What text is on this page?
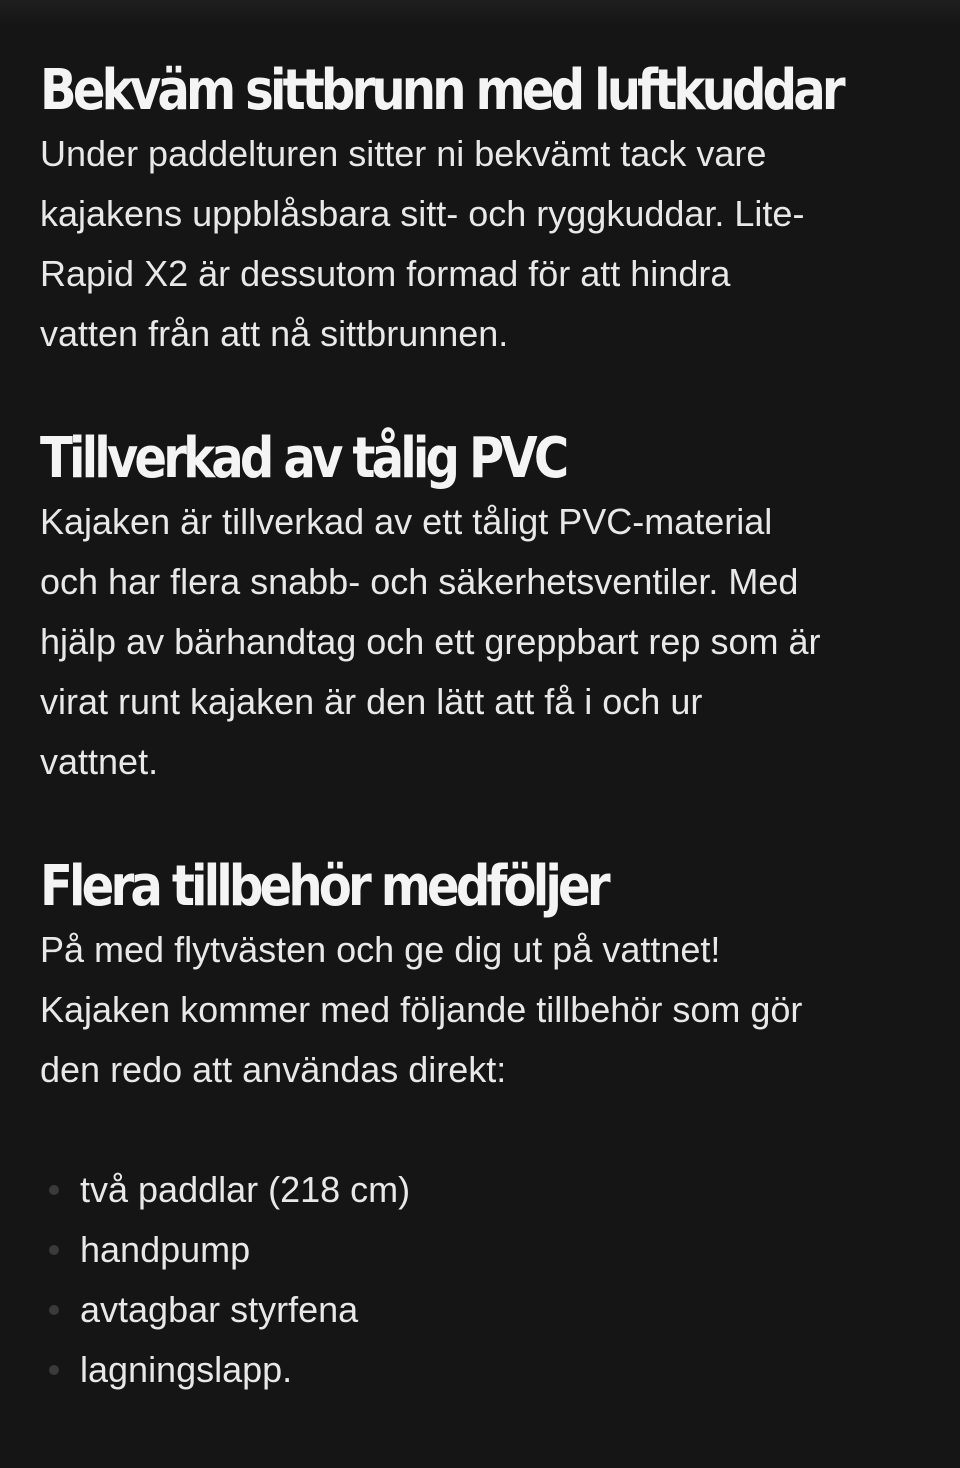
Bekväm sittbrunn med luftkuddar

Under paddelturen sitter ni bekvämt tack vare
kajakens uppblåsbara sitt- och ryggkuddar. Lite-
Rapid X2 är dessutom formad för att hindra
vatten från att nå sittbrunnen.

Tillverkad av tålig PVC

Kajaken är tillverkad av ett tåligt PVC-material
och har flera snabb- och säkerhetsventiler. Med
hjälp av bärhandtag och ett greppbart rep som är
virat runt kajaken är den lätt att få i och ur
vattnet.

Flera tillbehör medföljer

På med flytvästen och ge dig ut på vattnet!
Kajaken kommer med följande tillbehör som gör
den redo att användas direkt:

två paddlar (218 cm)
handpump
avtagbar styrfena
lagningslapp.
